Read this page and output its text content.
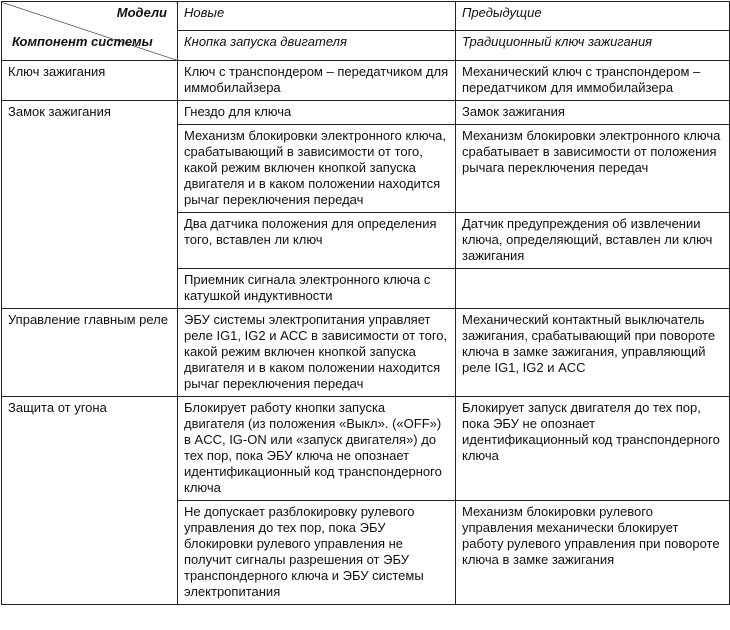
Модели
Компонент системы	Новые	Предыдущие
	Кнопка запуска двигателя	Традиционный ключ зажигания
Ключ зажигания	Ключ с транспондером – передатчиком для иммобилайзера	Механический ключ с транспондером – передатчиком для иммобилайзера
Замок зажигания	Гнездо для ключа	Замок зажигания
	Механизм блокировки электронного ключа, срабатывающий в зависимости от того, какой режим включен кнопкой запуска двигателя и в каком положении находится рычаг переключения передач	Механизм блокировки электронного ключа срабатывает в зависимости от положения рычага переключения передач
	Два датчика положения для определения того, вставлен ли ключ	Датчик предупреждения об извлечении ключа, определяющий, вставлен ли ключ зажигания
	Приемник сигнала электронного ключа с катушкой индуктивности	
Управление главным реле	ЭБУ системы электропитания управляет реле IG1, IG2 и ACC в зависимости от того, какой режим включен кнопкой запуска двигателя и в каком положении находится рычаг переключения передач	Механический контактный выключатель зажигания, срабатывающий при повороте ключа в замке зажигания, управляющий реле IG1, IG2 и ACC
Защита от угона	Блокирует работу кнопки запуска двигателя (из положения «Выкл». («OFF») в ACC, IG-ON или «запуск двигателя») до тех пор, пока ЭБУ ключа не опознает идентификационный код транспондерного ключа	Блокирует запуск двигателя до тех пор, пока ЭБУ не опознает идентификационный код транспондерного ключа
	Не допускает разблокировку рулевого управления до тех пор, пока ЭБУ блокировки рулевого управления не получит сигналы разрешения от ЭБУ транспондерного ключа и ЭБУ системы электропитания	Механизм блокировки рулевого управления механически блокирует работу рулевого управления при повороте ключа в замке зажигания
